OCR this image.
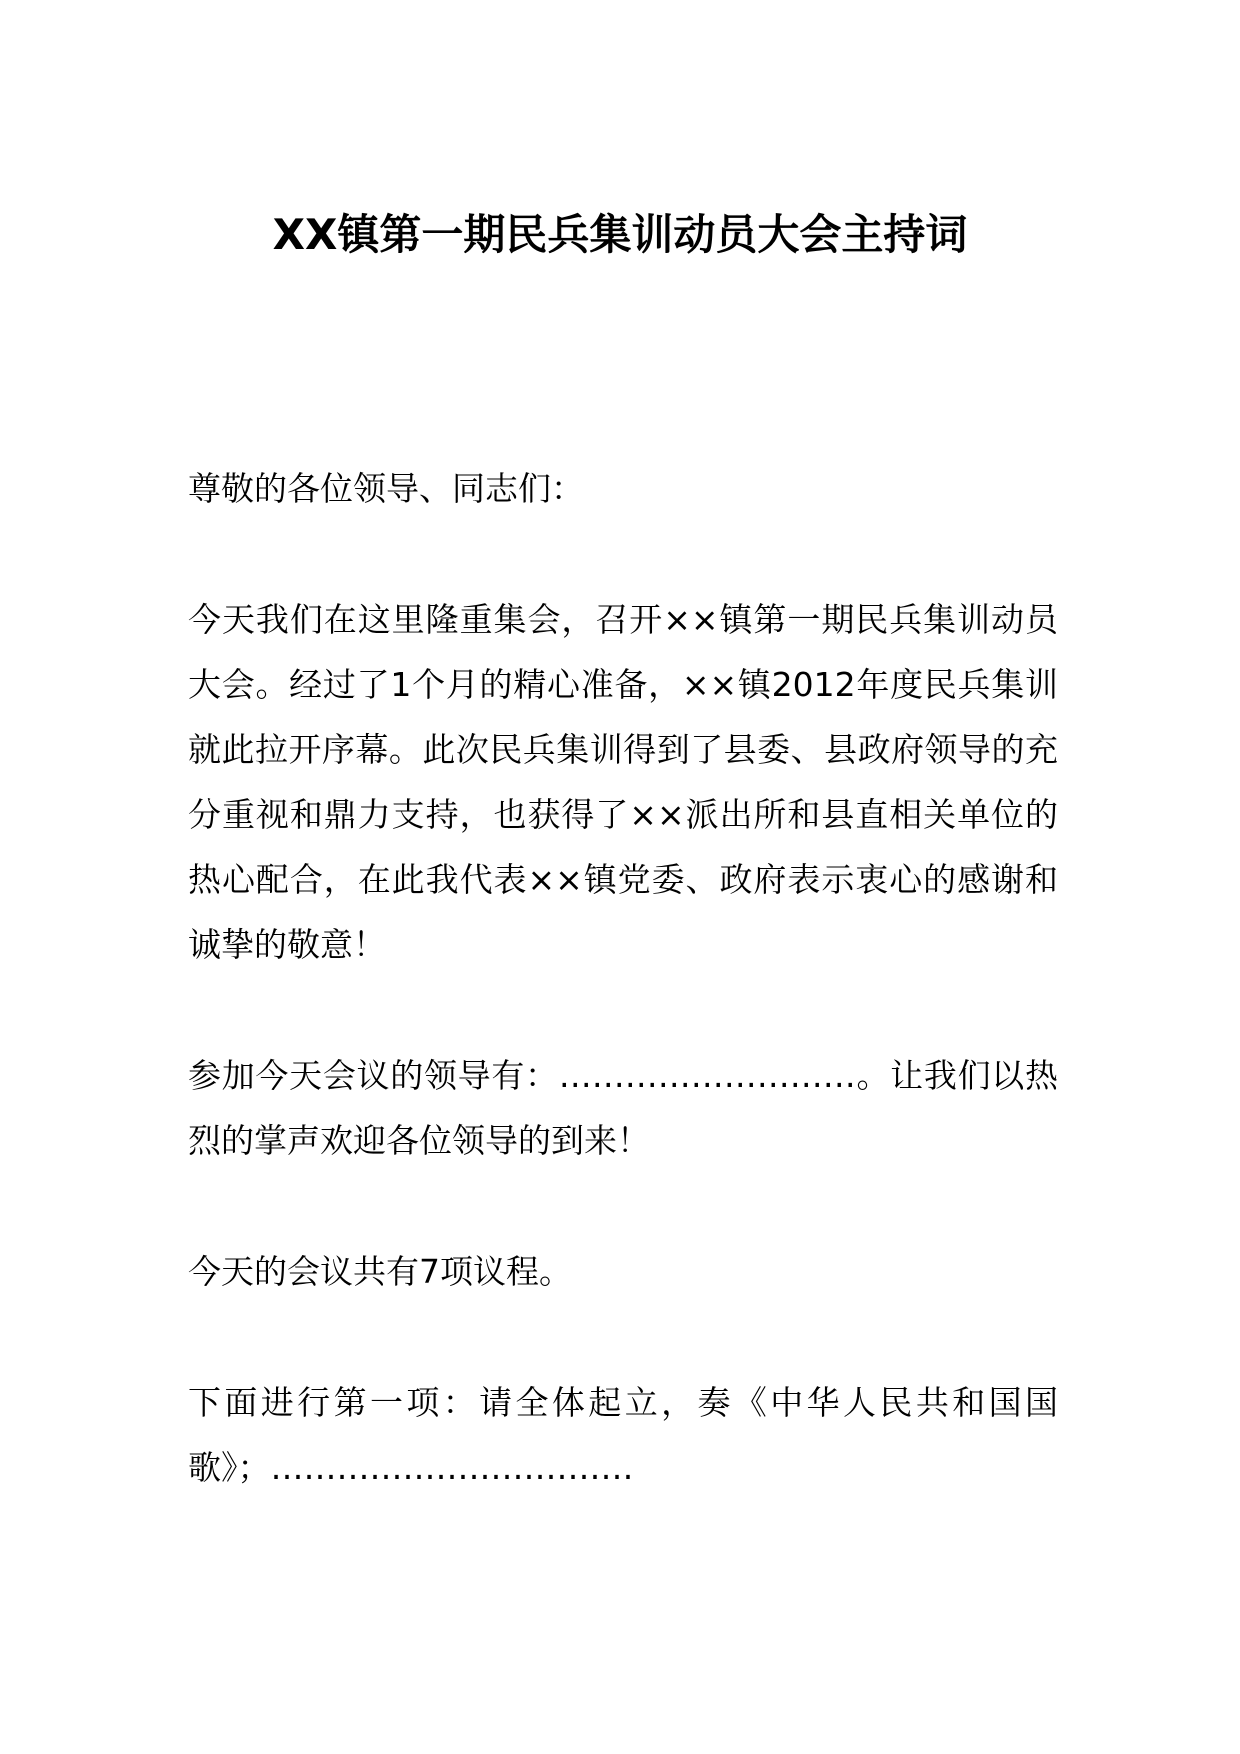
XX镇第一期民兵集训动员大会主持词

尊敬的各位领导、同志们：

今天我们在这里隆重集会，召开××镇第一期民兵集训动员大会。经过了1个月的精心准备，××镇2012年度民兵集训就此拉开序幕。此次民兵集训得到了县委、县政府领导的充分重视和鼎力支持，也获得了××派出所和县直相关单位的热心配合，在此我代表××镇党委、政府表示衷心的感谢和诚挚的敬意！

参加今天会议的领导有：………………………。让我们以热烈的掌声欢迎各位领导的到来！

今天的会议共有7项议程。

下面进行第一项：请全体起立，奏《中华人民共和国国歌》；……………………………
